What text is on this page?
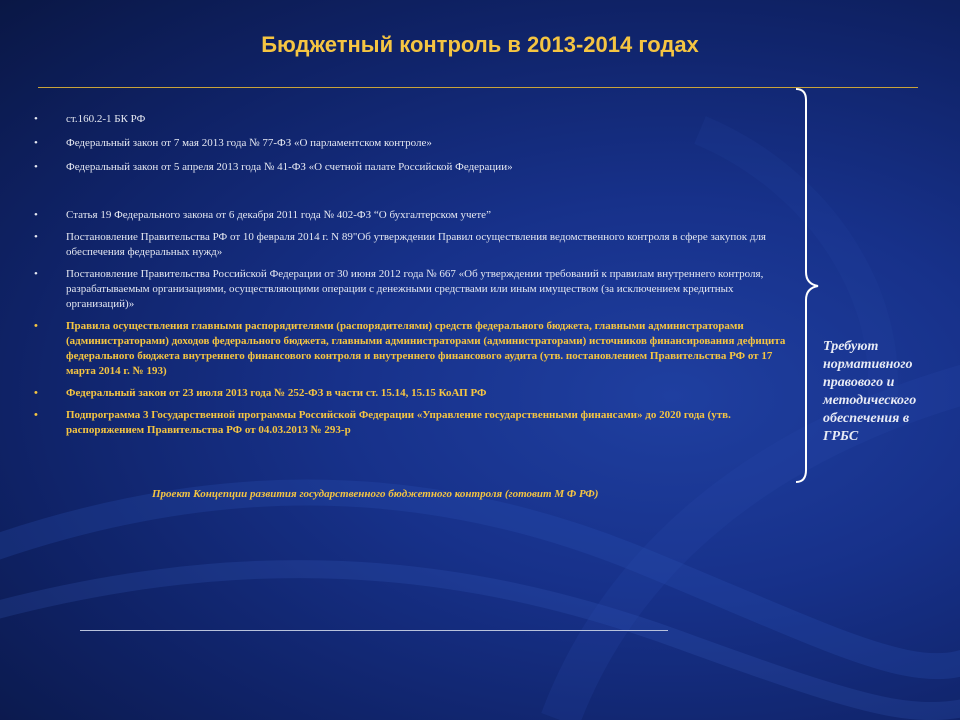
Бюджетный контроль в 2013-2014 годах
•	ст.160.2-1 БК РФ
•	Федеральный закон от 7 мая 2013 года № 77-ФЗ «О парламентском контроле»
•	Федеральный закон от 5 апреля 2013 года № 41-ФЗ «О счетной палате Российской Федерации»
•	Статья 19 Федерального закона от 6 декабря 2011 года № 402-ФЗ “О бухгалтерском учете”
•	Постановление Правительства РФ от 10 февраля 2014 г. N 89"Об утверждении Правил осуществления ведомственного контроля в сфере закупок для обеспечения федеральных нужд»
•	Постановление Правительства Российской Федерации от 30 июня 2012 года № 667 «Об утверждении требований к правилам внутреннего контроля, разрабатываемым организациями, осуществляющими операции с денежными средствами или иным имуществом (за исключением кредитных организаций)»
•	Правила осуществления главными распорядителями (распорядителями) средств федерального бюджета, главными администраторами (администраторами) доходов федерального бюджета, главными администраторами (администраторами) источников финансирования дефицита федерального бюджета внутреннего финансового контроля и внутреннего финансового аудита (утв. постановлением Правительства РФ от 17 марта 2014 г. № 193)
•	Федеральный закон от 23 июля 2013 года № 252-ФЗ в части ст. 15.14, 15.15 КоАП РФ
•	Подпрограмма 3 Государственной программы Российской Федерации «Управление государственными финансами» до 2020 года (утв. распоряжением Правительства РФ от 04.03.2013 № 293-р
Проект Концепции развития государственного бюджетного контроля (готовит М Ф РФ)
Требуют нормативного правового и методического обеспечения в ГРБС
